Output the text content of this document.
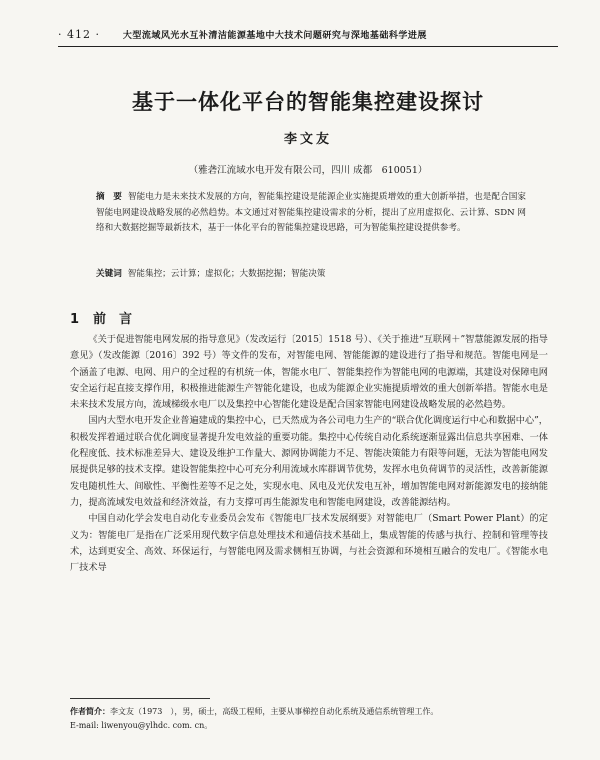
· 412 ·	大型流域风光水互补清洁能源基地中大技术问题研究与深地基础科学进展
基于一体化平台的智能集控建设探讨
李文友
（雅砻江流域水电开发有限公司，四川 成都　610051）
摘　要 智能电力是未来技术发展的方向，智能集控建设是能源企业实施提质增效的重大创新举措，也是配合国家智能电网建设战略发展的必然趋势。本文通过对智能集控建设需求的分析，提出了应用虚拟化、云计算、SDN 网络和大数据挖掘等最新技术，基于一体化平台的智能集控建设思路，可为智能集控建设提供参考。
关键词 智能集控；云计算；虚拟化；大数据挖掘；智能决策
1 前　言

《关于促进智能电网发展的指导意见》（发改运行〔2015〕1518 号）、《关于推进“互联网＋”智慧能源发展的指导意见》（发改能源〔2016〕392 号）等文件的发布，对智能电网、智能能源的建设进行了指导和规范。智能电网是一个涵盖了电源、电网、用户的全过程的有机统一体，智能水电厂、智能集控作为智能电网的电源端，其建设对保障电网安全运行起直接支撑作用，积极推进能源生产智能化建设，也成为能源企业实施提质增效的重大创新举措。智能水电是未来技术发展方向，流域梯级水电厂以及集控中心智能化建设是配合国家智能电网建设战略发展的必然趋势。

国内大型水电开发企业普遍建成的集控中心，已天然成为各公司电力生产的“联合优化调度运行中心和数据中心”，积极发挥着通过联合优化调度显著提升发电效益的重要功能。集控中心传统自动化系统逐渐显露出信息共享困难、一体化程度低、技术标准差异大、建设及维护工作量大、源网协调能力不足、智能决策能力有限等问题，无法为智能电网发展提供足够的技术支撑。建设智能集控中心可充分利用流域水库群调节优势，发挥水电负荷调节的灵活性，改善新能源发电随机性大、间歇性、平衡性差等不足之处，实现水电、风电及光伏发电互补，增加智能电网对新能源发电的接纳能力，提高流域发电效益和经济效益，有力支撑可再生能源发电和智能电网建设，改善能源结构。

中国自动化学会发电自动化专业委员会发布《智能电厂技术发展纲要》对智能电厂（Smart Power Plant）的定义为：智能电厂是指在广泛采用现代数字信息处理技术和通信技术基础上，集成智能的传感与执行、控制和管理等技术，达到更安全、高效、环保运行，与智能电网及需求侧相互协调，与社会资源和环境相互融合的发电厂。《智能水电厂技术导

作者简介：李文友（1973　），男，硕士，高级工程师，主要从事梯控自动化系统及通信系统管理工作。
E-mail: liwenyou@ylhdc. com. cn。
